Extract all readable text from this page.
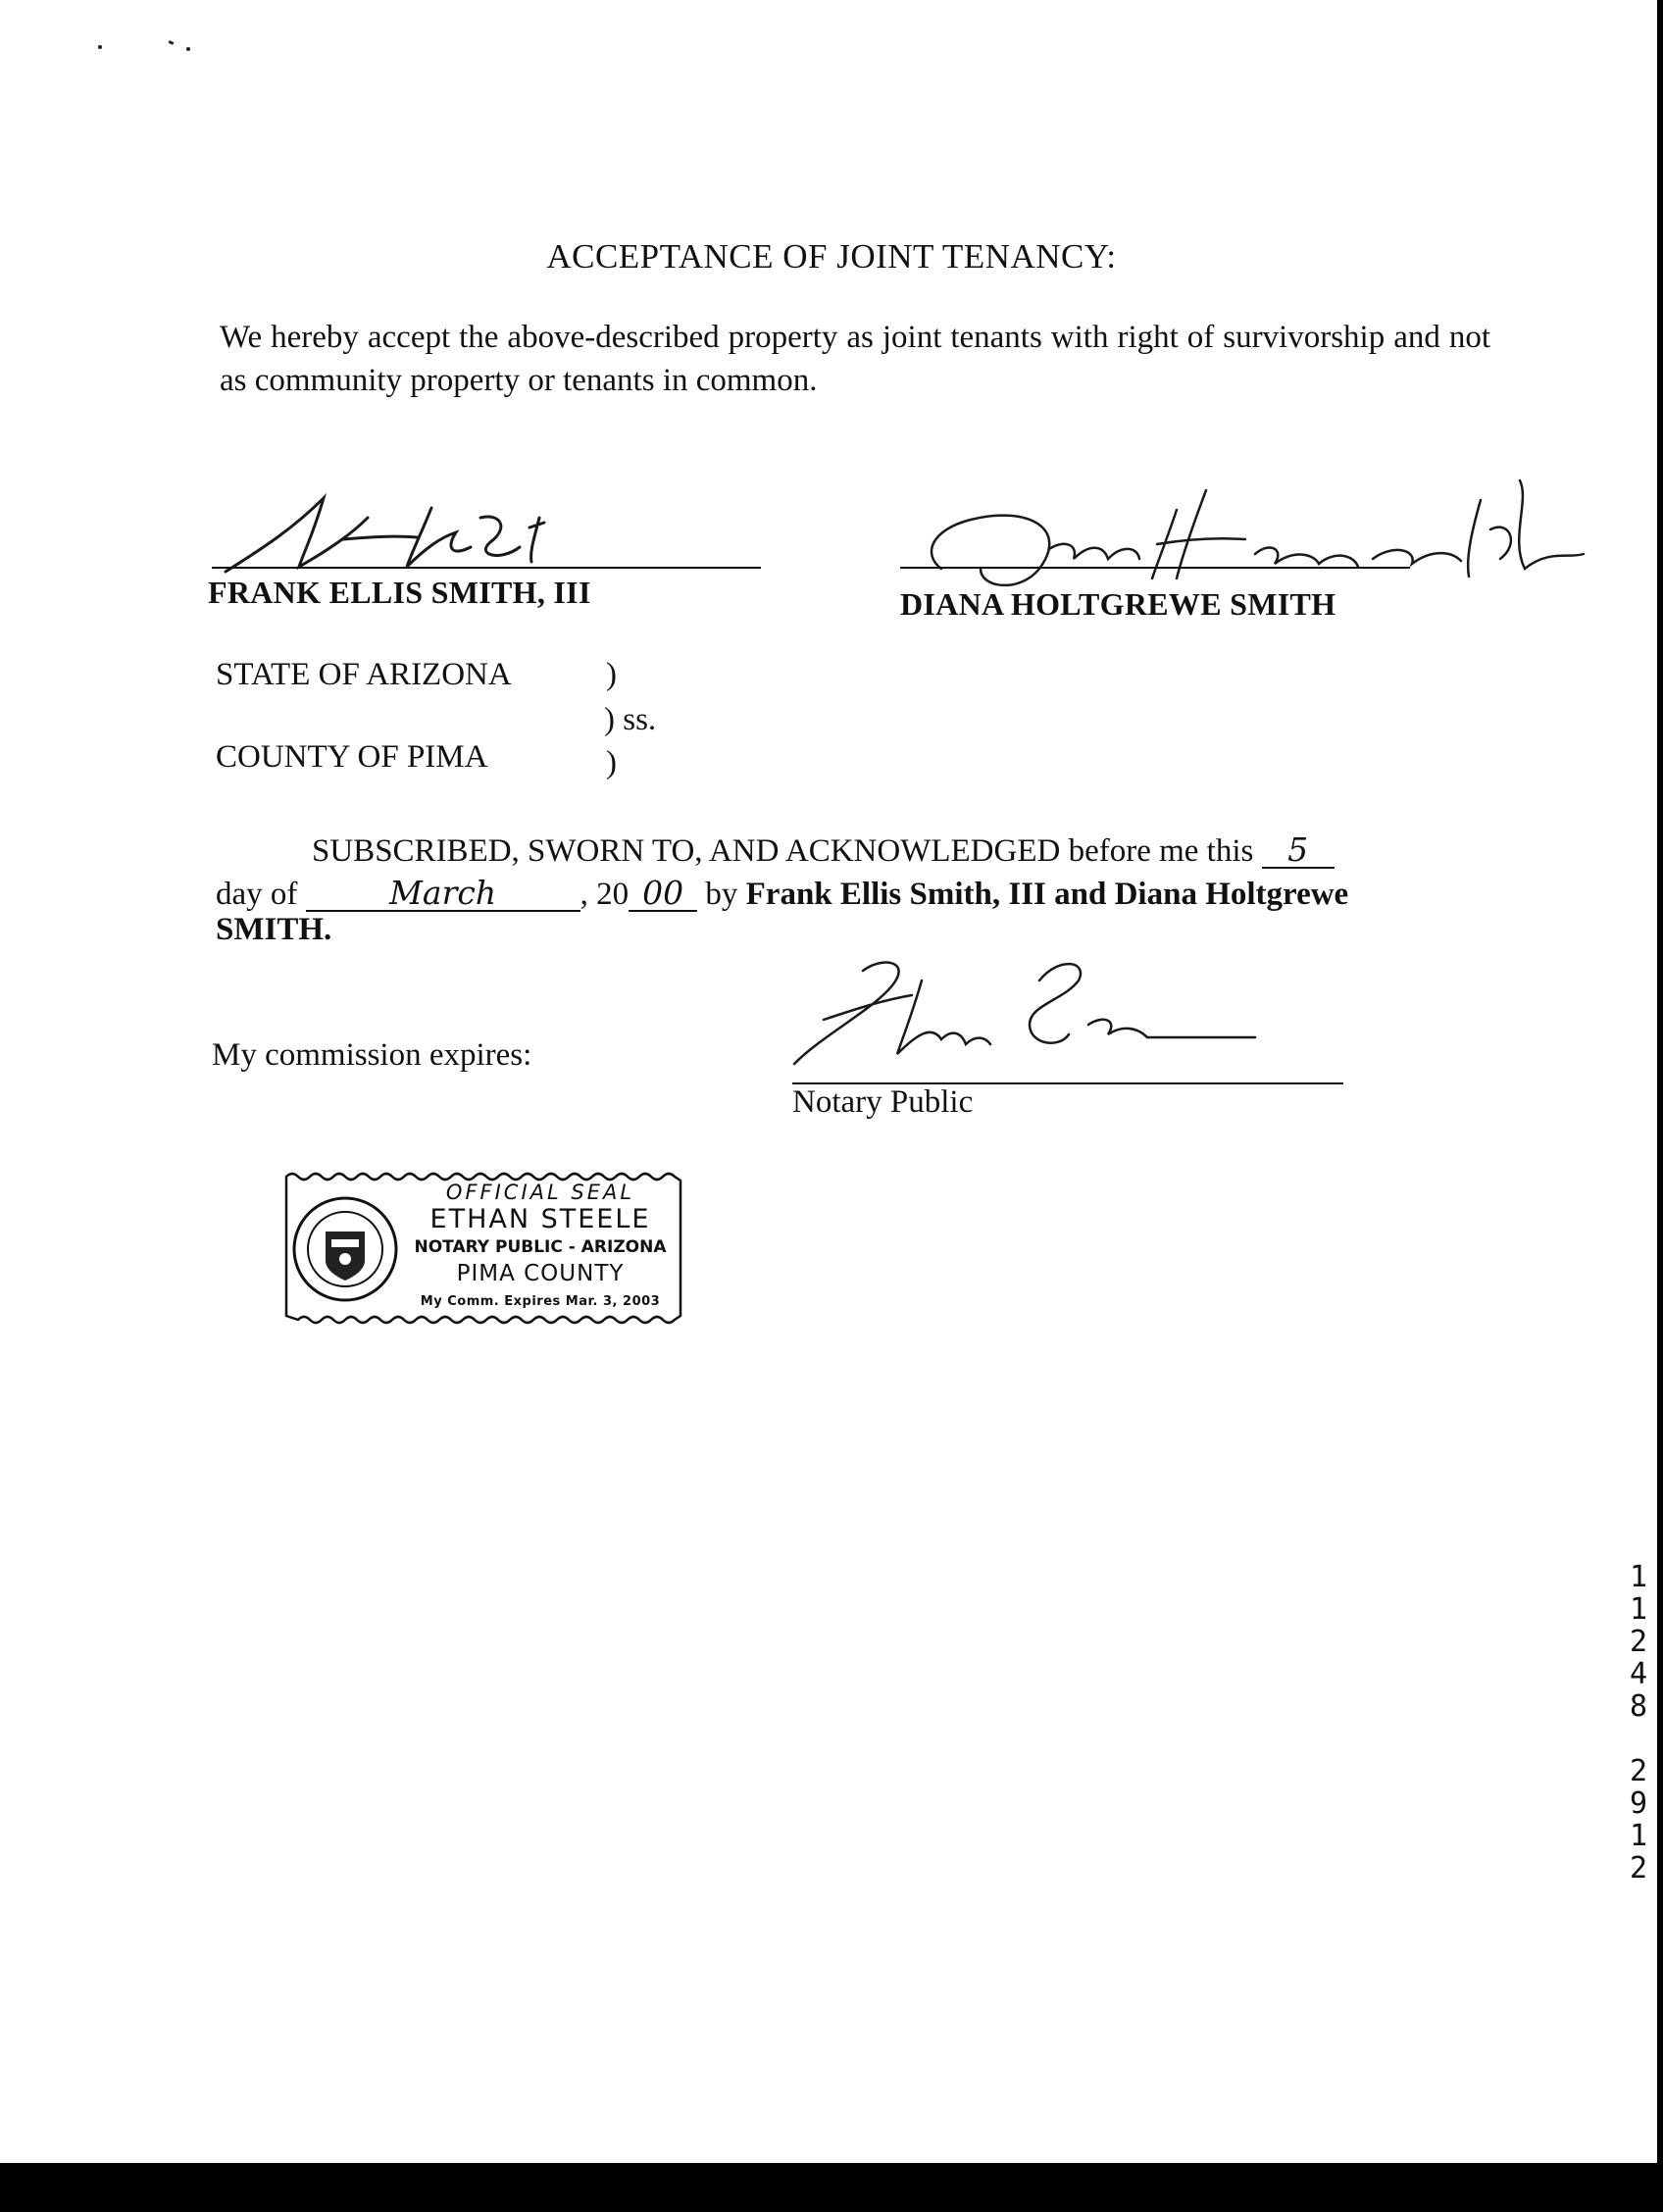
ACCEPTANCE OF JOINT TENANCY:
We hereby accept the above-described property as joint tenants with right of survivorship and not as community property or tenants in common.
FRANK ELLIS SMITH, III	DIANA HOLTGREWE SMITH
STATE OF ARIZONA	)
) ss.
COUNTY OF PIMA	)
SUBSCRIBED, SWORN TO, AND ACKNOWLEDGED before me this 5
day of	March	, 20 00 by Frank Ellis Smith, III and Diana Holtgrewe
SMITH.
My commission expires:
Notary Public
OFFICIAL SEAL
ETHAN STEELE
NOTARY PUBLIC - ARIZONA
PIMA COUNTY
My Comm. Expires Mar. 3, 2003
1
1
2
4
8
2
9
1
2
